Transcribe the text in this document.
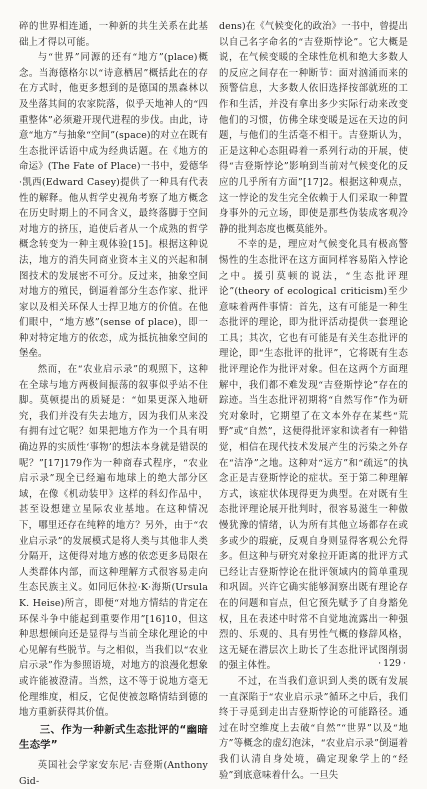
碎的世界相连通，一种新的共生关系在此基础上才得以可能。

与“世界”同源的还有“地方”(place)概念。当海德格尔以“诗意栖居”概括此在的存在方式时，他更多想到的是德国的黑森林以及坐落其间的农家院落，似乎天地神人的“四重整体”必须避开现代进程的步伐。由此，诗意“地方”与抽象“空间”(space)的对立在既有生态批评话语中成为经典话题。在《地方的命运》(The Fate of Place)一书中，爱德华·凯西(Edward Casey)提供了一种具有代表性的解释。他从哲学史视角考察了地方概念在历史时期上的不同含义，最终落脚于空间对地方的挤压，追使后者从一个成熟的哲学概念转变为一种主观体验[15]。根据这种说法，地方的消失同商业资本主义的兴起和制图技术的发展密不可分。反过来，抽象空间对地方的殖民，倒逼着部分生态作家、批评家以及相关环保人士捍卫地方的价值。在他们眼中，“地方感”(sense of place)，即一种对特定地方的依恋，成为抵抗抽象空间的堡垒。

然而，在“农业启示录”的观照下，这种在全球与地方两极间振荡的叙事似乎站不住脚。莫顿提出的质疑是：“如果更深入地研究，我们并没有失去地方，因为我们从来没有拥有过它呢？如果把地方作为一个具有明确边界的实质性‘事物’的想法本身就是错误的呢？”[17]179作为一种商春式程序，“农业启示录”现全已经遍布地球上的绝大部分区域，在像《机动装甲》这样的科幻作品中，甚至设想建立星际农业基地。在这种情况下，哪里还存在纯粹的地方？另外，由于“农业启示录”的发展模式是将人类与其他非人类分隔开，这便得对地方感的依恋更多局限在人类群体内部，而这种理解方式很容易走向生态民族主义。如同厄休拉·K·海斯(Ursula K. Heise)所言，即便“对地方情结的肯定在环保斗争中能起到重要作用”[16]10，但这种思想倾向还是显得与当前全球化理论的中心见解有些脱节。与之相似，当我们以“农业启示录”作为参照语境，对地方的浪漫化想象或许能被澄清。当然，这不等于说地方毫无伦理维度，相反，它促使被忽略情结到德的地方重新获得其价值。

三、作为一种新式生态批评的“幽暗生态学”

英国社会学家安东尼·吉登斯(Anthony Gid-

dens)在《气候变化的政治》一书中，曾提出以自己名字命名的“吉登斯悖论”。它大概是说，在气候变暖的全球性危机和绝大多数人的反应之间存在一种断节：面对汹涌而来的预警信息，大多数人依旧选择按部就班的工作和生活，并没有拿出多少实际行动来改变他们的习惯，仿佛全球变暖是远在天边的问题，与他们的生活毫不相干。吉登斯认为，正是这种心态阻碍着一系列行动的开展，使得“吉登斯悖论”影响到当前对气候变化的反应的几乎所有方面”[17]2。根据这种观点，这一悖论的发生完全依赖于人们采取一种置身事外的元立场，即使是那些伪装成客观冷静的批判态度也概莫能外。

不幸的是，理应对气候变化具有极高警惕性的生态批评在这方面同样容易陷入悖论之中。援引莫顿的说法，“生态批评理论”(theory of ecological criticism)至少意味着两件事情：首先，这有可能是一种生态批评的理论，即为批评活动提供一套理论工具；其次，它也有可能是有关生态批评的理论，即“生态批评的批评”，它将既有生态批评理论作为批评对象。但在这两个方面理解中，我们都不难发现“吉登斯悖论”存在的踪迹。当生态批评初期将“自然写作”作为研究对象时，它期望了在文本外存在某些“荒野”或“自然”，这便得批评家和读者有一种错觉，相信在现代技术发展产生的污染之外存在“洁净”之地。这种对“远方”和“疏远”的执念正是吉登斯悖论的症状。至于第二种理解方式，该症状体现得更为典型。在对既有生态批评理论展开批判时，很容易滋生一种傲慢犹豫的情绪，认为所有其他立场都存在或多或少的瑕疵，反观自身则显得客观公允得多。但这种与研究对象拉开距离的批评方式已经让吉登斯悖论在批评领域内的简单重现和巩固。兴许它确实能够洞察出既有理论存在的问题和盲点，但它预先赋予了自身豁免权，且在表述中时常不自觉地流露出一种强烈的、乐观的、具有男性气概的修辞风格，这无疑在潜层次上助长了生态批评试图削弱的强主体性。

不过，在当我们意识到人类的既有发展一直深陷于“农业启示录”循环之中后，我们终于寻觅到走出吉登斯悖论的可能路径。通过在时空维度上去破“自然”“世界”以及“地方”等概念的虚幻泡沫，“农业启示录”倒逼着我们认清自身处境，确定现象学上的“经验”到底意味着什么。一旦失

· 129 ·
